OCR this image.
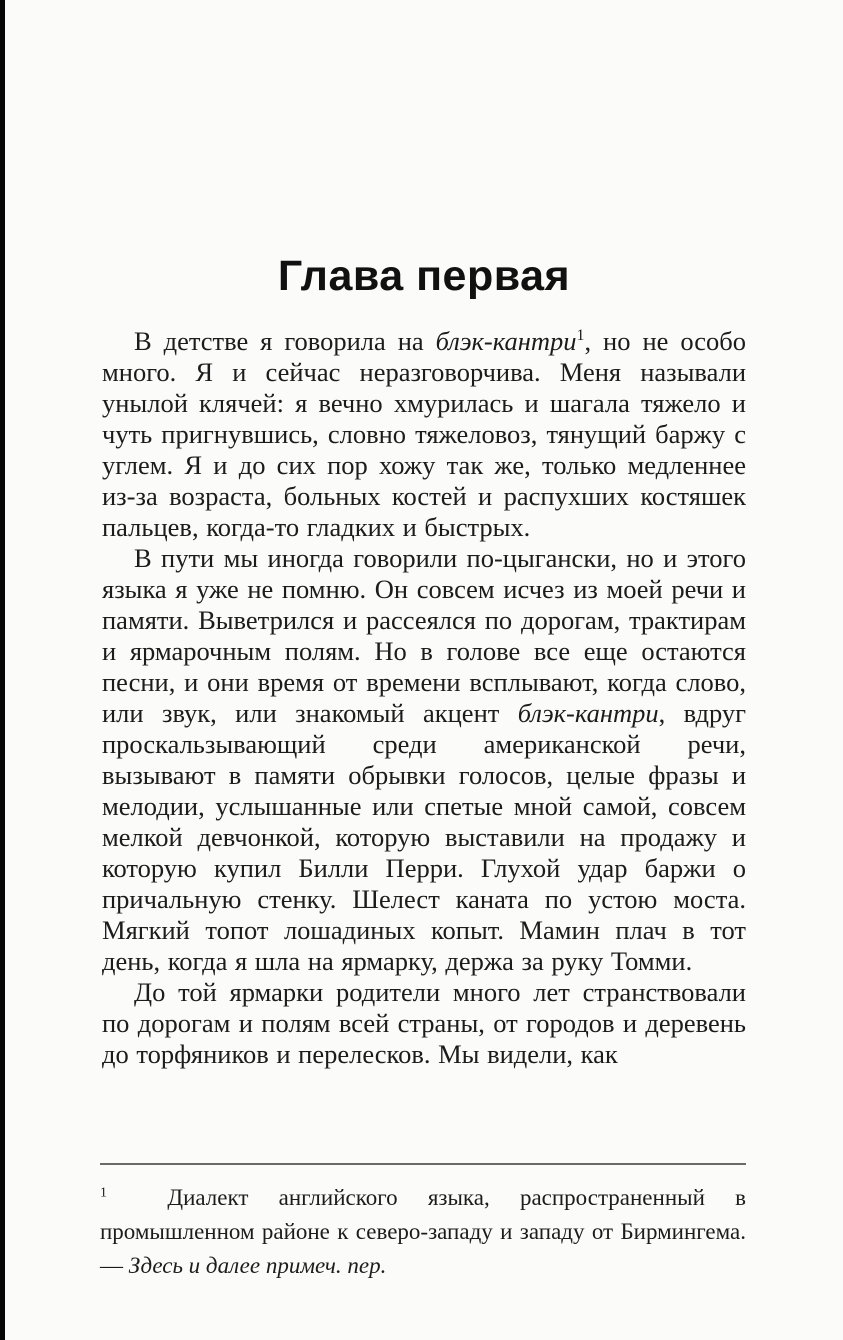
Глава первая

В детстве я говорила на блэк-кантри$^1$, но не особо много. Я и сейчас неразговорчива. Меня называли унылой клячей: я вечно хмурилась и шагала тяжело и чуть пригнувшись, словно тяжеловоз, тянущий баржу с углем. Я и до сих пор хожу так же, только медленнее из-за возраста, больных костей и распухших костяшек пальцев, когда-то гладких и быстрых.

В пути мы иногда говорили по-цыгански, но и этого языка я уже не помню. Он совсем исчез из моей речи и памяти. Выветрился и рассеялся по дорогам, трактирам и ярмарочным полям. Но в голове все еще остаются песни, и они время от времени всплывают, когда слово, или звук, или знакомый акцент блэк-кантри, вдруг проскальзывающий среди американской речи, вызывают в памяти обрывки голосов, целые фразы и мелодии, услышанные или спетые мной самой, совсем мелкой девчонкой, которую выставили на продажу и которую купил Билли Перри. Глухой удар баржи о причальную стенку. Шелест каната по устою моста. Мягкий топот лошадиных копыт. Мамин плач в тот день, когда я шла на ярмарку, держа за руку Томми.

До той ярмарки родители много лет странствовали по дорогам и полям всей страны, от городов и деревень до торфяников и перелесков. Мы видели, как

$^1$  Диалект английского языка, распространенный в промышленном районе к северо-западу и западу от Бирмингема. — Здесь и далее примеч. пер.
